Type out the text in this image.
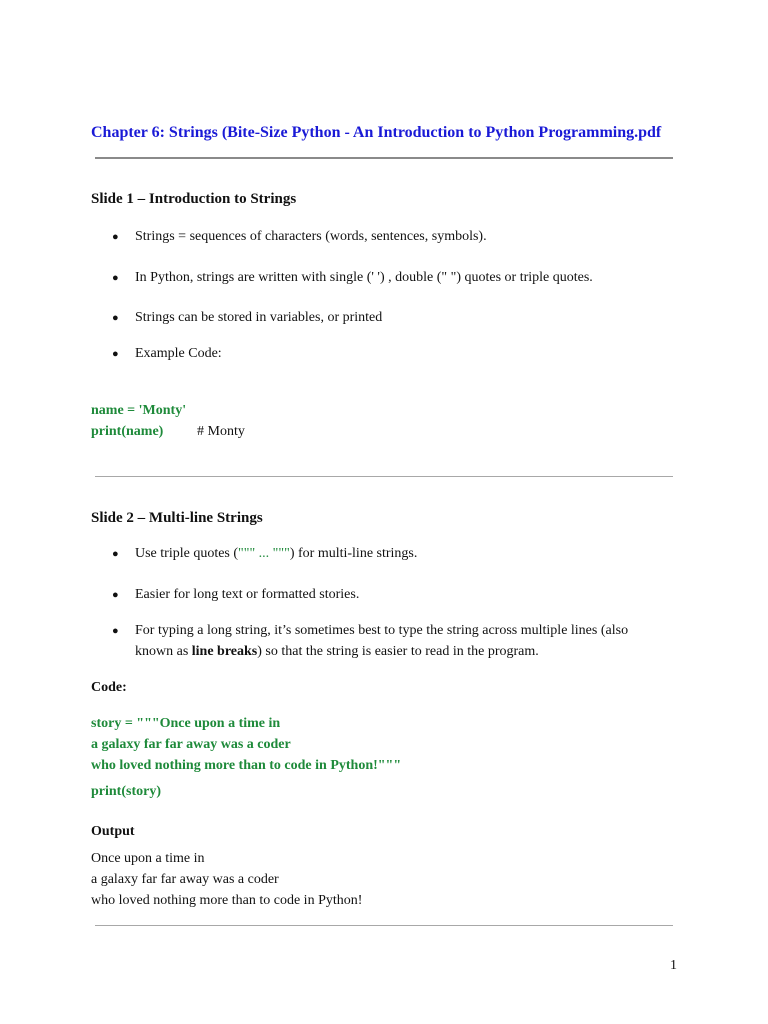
Chapter 6: Strings (Bite-Size Python - An Introduction to Python Programming.pdf
Slide 1 – Introduction to Strings
● Strings = sequences of characters (words, sentences, symbols).
● In Python, strings are written with single (' ') , double (" ") quotes or triple quotes.
● Strings can be stored in variables, or printed
● Example Code:
name = 'Monty'
print(name) # Monty
Slide 2 – Multi-line Strings
● Use triple quotes (""" ... """) for multi-line strings.
● Easier for long text or formatted stories.
● For typing a long string, it’s sometimes best to type the string across multiple lines (also
known as line breaks) so that the string is easier to read in the program.
Code:
story = """Once upon a time in
a galaxy far far away was a coder
who loved nothing more than to code in Python!"""
print(story)
Output
Once upon a time in
a galaxy far far away was a coder
who loved nothing more than to code in Python!
1
